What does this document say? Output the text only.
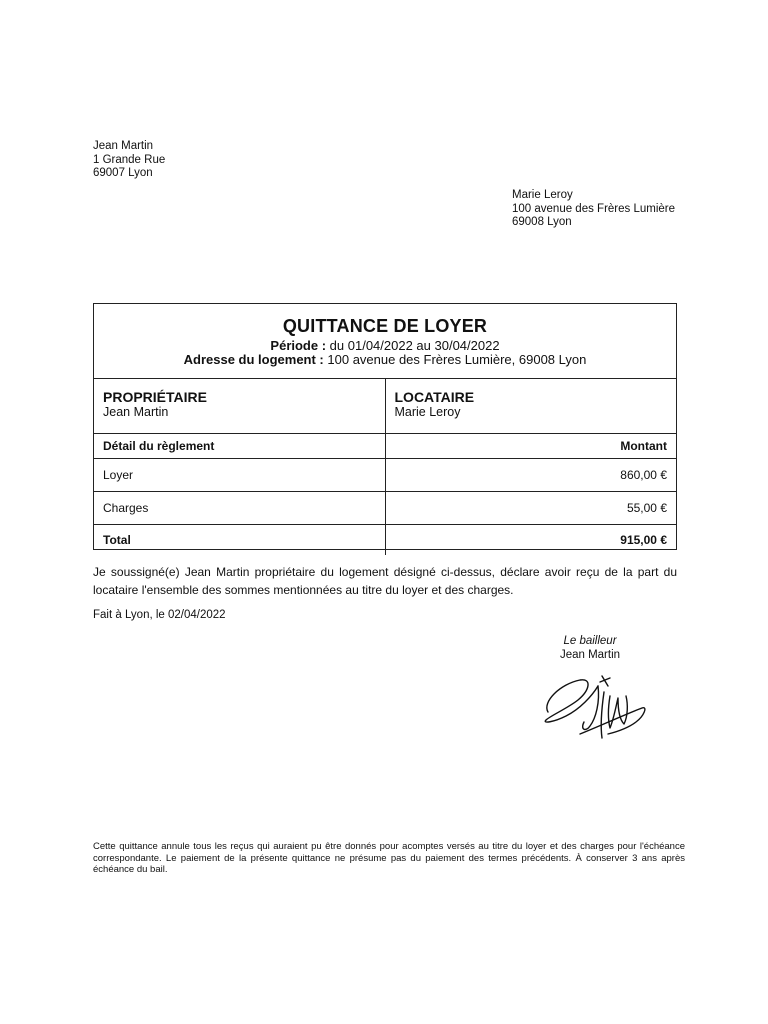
Jean Martin
1 Grande Rue
69007 Lyon
Marie Leroy
100 avenue des Frères Lumière
69008 Lyon
QUITTANCE DE LOYER
Période : du 01/04/2022 au 30/04/2022
Adresse du logement : 100 avenue des Frères Lumière, 69008 Lyon
PROPRIÉTAIRE
Jean Martin
LOCATAIRE
Marie Leroy
Détail du règlement	Montant
Loyer	860,00 €
Charges	55,00 €
Total	915,00 €
Je soussigné(e) Jean Martin propriétaire du logement désigné ci-dessus, déclare avoir reçu de la part du locataire l'ensemble des sommes mentionnées au titre du loyer et des charges.
Fait à Lyon, le 02/04/2022
Le bailleur
Jean Martin
Cette quittance annule tous les reçus qui auraient pu être donnés pour acomptes versés au titre du loyer et des charges pour l'échéance correspondante. Le paiement de la présente quittance ne présume pas du paiement des termes précédents. À conserver 3 ans après échéance du bail.
